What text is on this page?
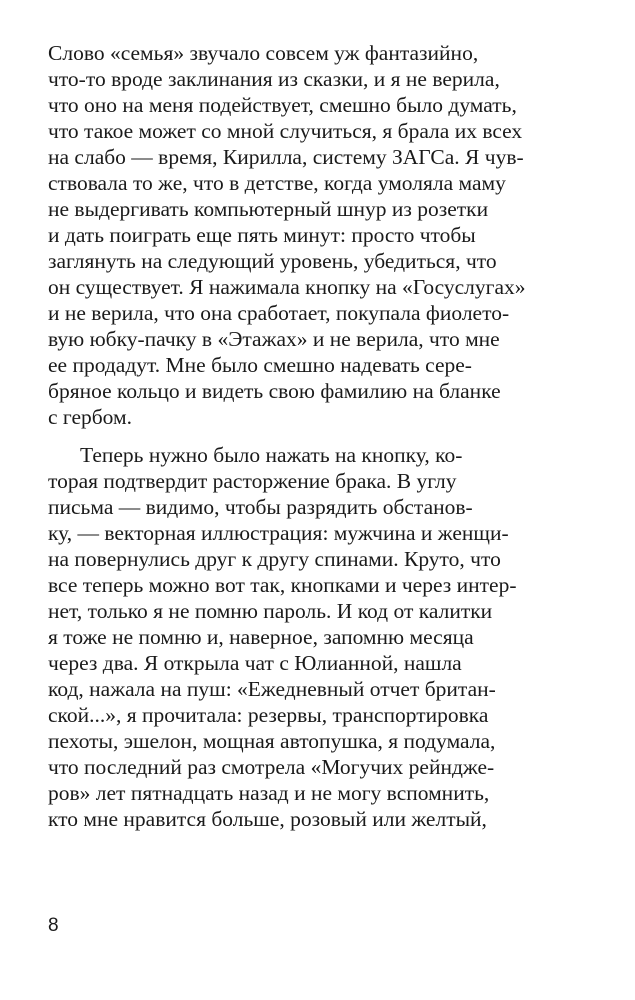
Слово «семья» звучало совсем уж фантазийно,
что-то вроде заклинания из сказки, и я не верила,
что оно на меня подействует, смешно было думать,
что такое может со мной случиться, я брала их всех
на слабо — время, Кирилла, систему ЗАГСа. Я чув-
ствовала то же, что в детстве, когда умоляла маму
не выдергивать компьютерный шнур из розетки
и дать поиграть еще пять минут: просто чтобы
заглянуть на следующий уровень, убедиться, что
он существует. Я нажимала кнопку на «Госуслугах»
и не верила, что она сработает, покупала фиолето-
вую юбку-пачку в «Этажах» и не верила, что мне
ее продадут. Мне было смешно надевать сере-
бряное кольцо и видеть свою фамилию на бланке
с гербом.
Теперь нужно было нажать на кнопку, ко-
торая подтвердит расторжение брака. В углу
письма — видимо, чтобы разрядить обстанов-
ку, — векторная иллюстрация: мужчина и женщи-
на повернулись друг к другу спинами. Круто, что
все теперь можно вот так, кнопками и через интер-
нет, только я не помню пароль. И код от калитки
я тоже не помню и, наверное, запомню месяца
через два. Я открыла чат с Юлианной, нашла
код, нажала на пуш: «Ежедневный отчет британ-
ской...», я прочитала: резервы, транспортировка
пехоты, эшелон, мощная автопушка, я подумала,
что последний раз смотрела «Могучих рейндже-
ров» лет пятнадцать назад и не могу вспомнить,
кто мне нравится больше, розовый или желтый,
8
